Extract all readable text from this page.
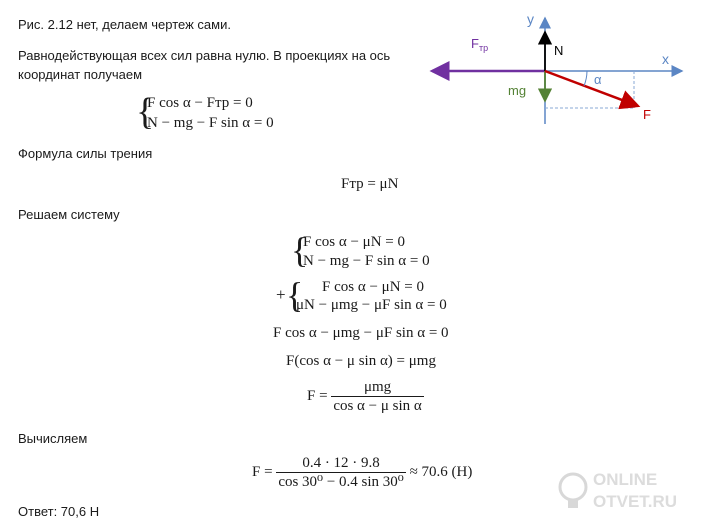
Рис. 2.12 нет, делаем чертеж сами.
Равнодействующая всех сил равна нулю. В проекциях на ось
координат получаем
{
F cos α − Fтр = 0
N − mg − F sin α = 0
Формула силы трения
Fтр = μN
Решаем систему
{
F cos α − μN = 0
N − mg − F sin α = 0
+ { F cos α − μN = 0
μN − μmg − μF sin α = 0
F cos α − μmg − μF sin α = 0
F(cos α − μ sin α) = μmg
$F = \frac{\text{μmg}}{\text{cos α − μ sin α}}$
Вычисляем
$F = \frac{0.4 \cdot 12 \cdot 9.8}{\text{cos 30⁰ − 0.4 sin 30⁰}} \approx 70.6$ (Н)
Ответ: 70,6 Н
y
x
N
$F_{тр}$
mg
α
F
ONLINE
OTVET.RU
